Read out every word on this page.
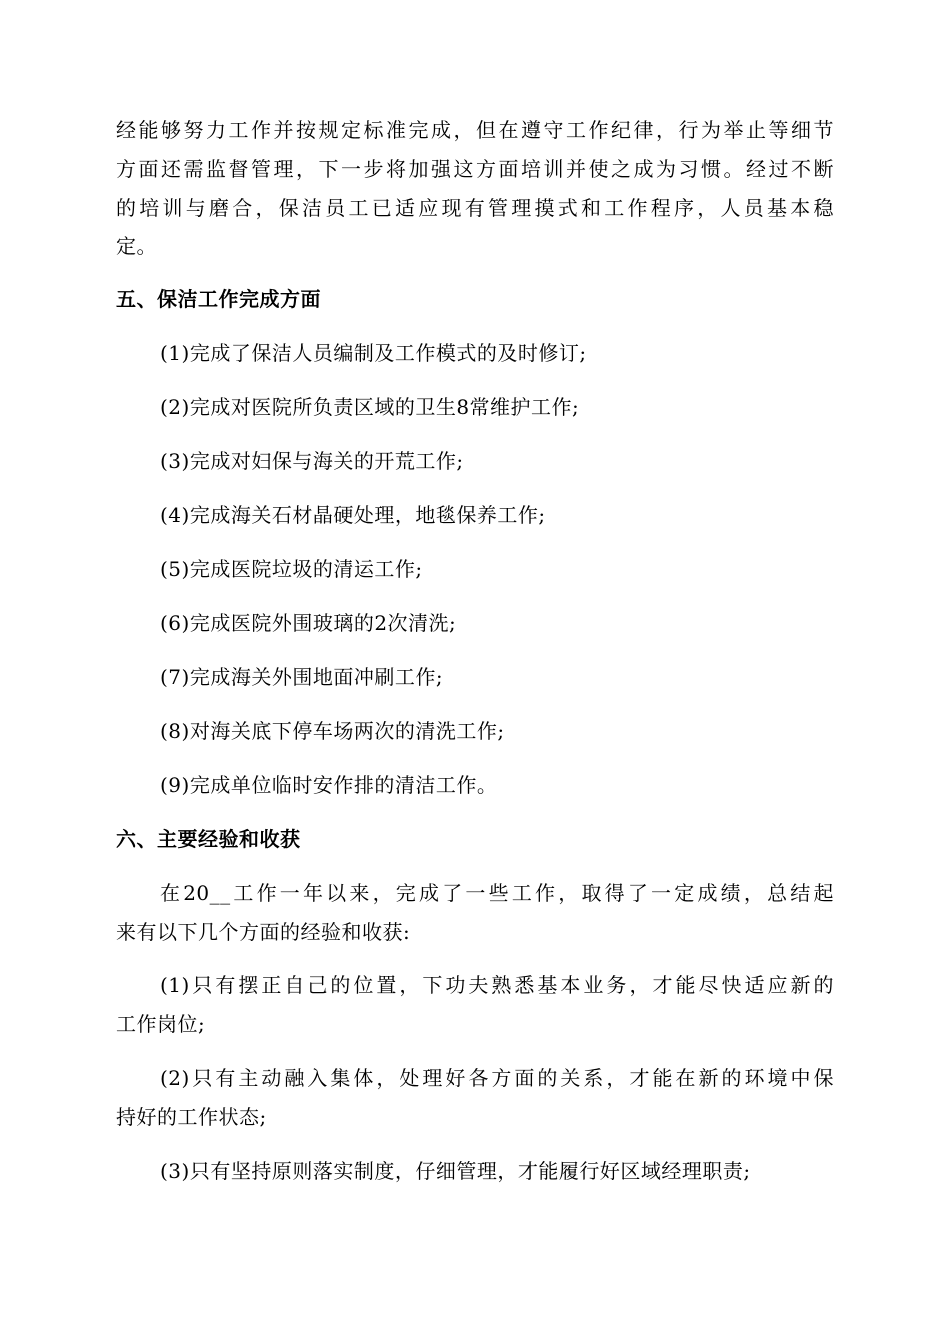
经能够努力工作并按规定标准完成，但在遵守工作纪律，行为举止等细节
方面还需监督管理，下一步将加强这方面培训并使之成为习惯。经过不断
的培训与磨合，保洁员工已适应现有管理摸式和工作程序，人员基本稳
定。
五、保洁工作完成方面
(1)完成了保洁人员编制及工作模式的及时修订;
(2)完成对医院所负责区域的卫生8常维护工作;
(3)完成对妇保与海关的开荒工作;
(4)完成海关石材晶硬处理，地毯保养工作;
(5)完成医院垃圾的清运工作;
(6)完成医院外围玻璃的2次清洗;
(7)完成海关外围地面冲刷工作;
(8)对海关底下停车场两次的清洗工作;
(9)完成单位临时安作排的清洁工作。
六、主要经验和收获
在20__工作一年以来，完成了一些工作，取得了一定成绩，总结起
来有以下几个方面的经验和收获:
(1)只有摆正自己的位置，下功夫熟悉基本业务，才能尽快适应新的
工作岗位;
(2)只有主动融入集体，处理好各方面的关系，才能在新的环境中保
持好的工作状态;
(3)只有坚持原则落实制度，仔细管理，才能履行好区域经理职责;
